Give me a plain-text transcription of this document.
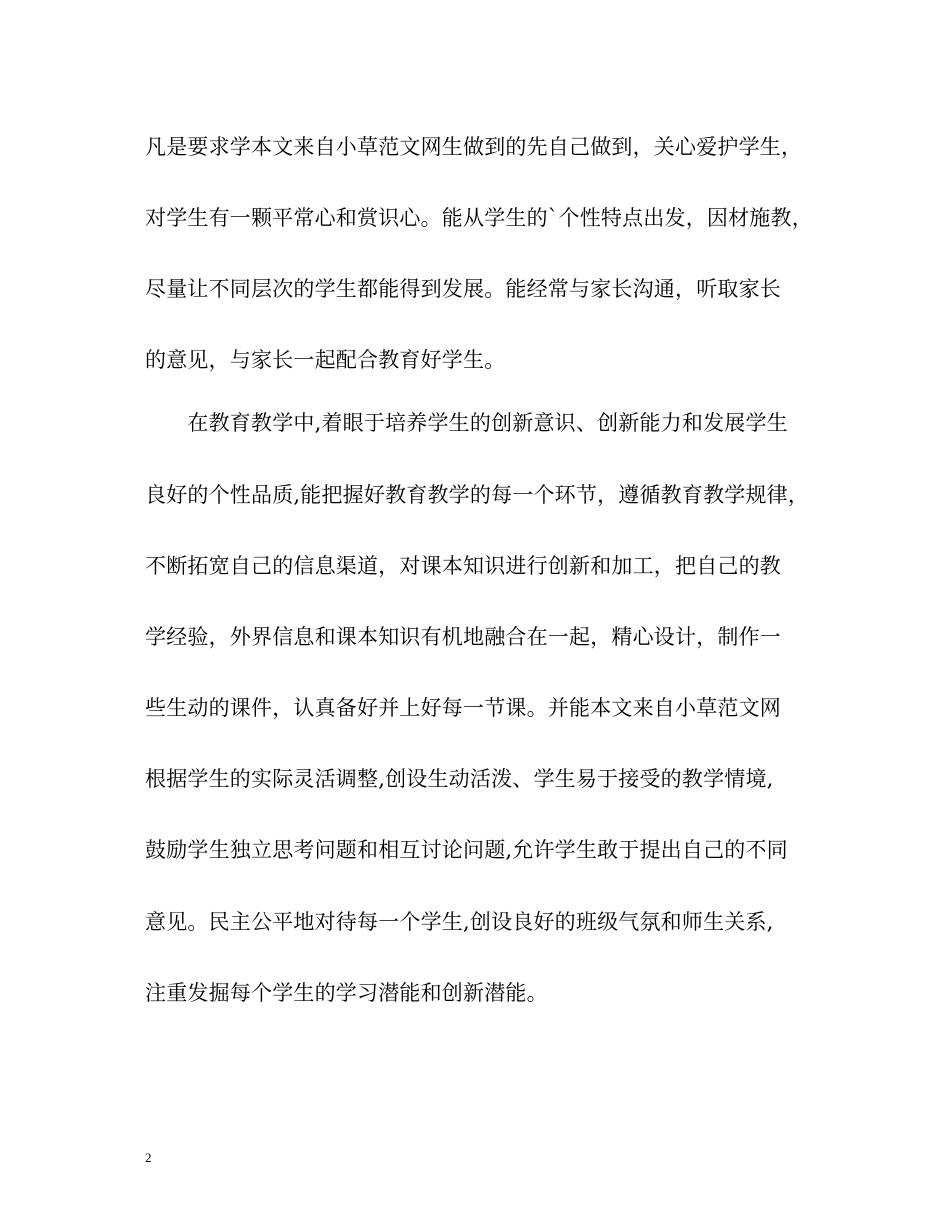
凡是要求学本文来自小草范文网生做到的先自己做到，关心爱护学生，
对学生有一颗平常心和赏识心。能从学生的`个性特点出发，因材施教，
尽量让不同层次的学生都能得到发展。能经常与家长沟通，听取家长
的意见，与家长一起配合教育好学生。
　　在教育教学中,着眼于培养学生的创新意识、创新能力和发展学生
良好的个性品质,能把握好教育教学的每一个环节，遵循教育教学规律，
不断拓宽自己的信息渠道，对课本知识进行创新和加工，把自己的教
学经验，外界信息和课本知识有机地融合在一起，精心设计，制作一
些生动的课件，认真备好并上好每一节课。并能本文来自小草范文网
根据学生的实际灵活调整,创设生动活泼、学生易于接受的教学情境,
鼓励学生独立思考问题和相互讨论问题,允许学生敢于提出自己的不同
意见。民主公平地对待每一个学生,创设良好的班级气氛和师生关系,
注重发掘每个学生的学习潜能和创新潜能。
2
